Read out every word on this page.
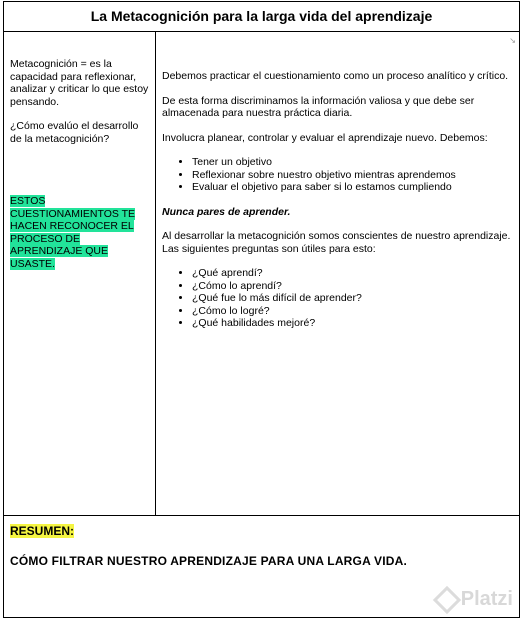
La Metacognición para la larga vida del aprendizaje

Metacognición = es la capacidad para reflexionar, analizar y criticar lo que estoy pensando.

¿Cómo evalúo el desarrollo de la metacognición?

ESTOS CUESTIONAMIENTOS TE HACEN RECONOCER EL PROCESO DE APRENDIZAJE QUE USASTE.

↘

Debemos practicar el cuestionamiento como un proceso analítico y crítico.

De esta forma discriminamos la información valiosa y que debe ser almacenada para nuestra práctica diaria.

Involucra planear, controlar y evaluar el aprendizaje nuevo. Debemos:

• Tener un objetivo
• Reflexionar sobre nuestro objetivo mientras aprendemos
• Evaluar el objetivo para saber si lo estamos cumpliendo

Nunca pares de aprender.

Al desarrollar la metacognición somos conscientes de nuestro aprendizaje. Las siguientes preguntas son útiles para esto:

• ¿Qué aprendí?
• ¿Cómo lo aprendí?
• ¿Qué fue lo más difícil de aprender?
• ¿Cómo lo logré?
• ¿Qué habilidades mejoré?
RESUMEN:
CÓMO FILTRAR NUESTRO APRENDIZAJE PARA UNA LARGA VIDA.
Platzi
